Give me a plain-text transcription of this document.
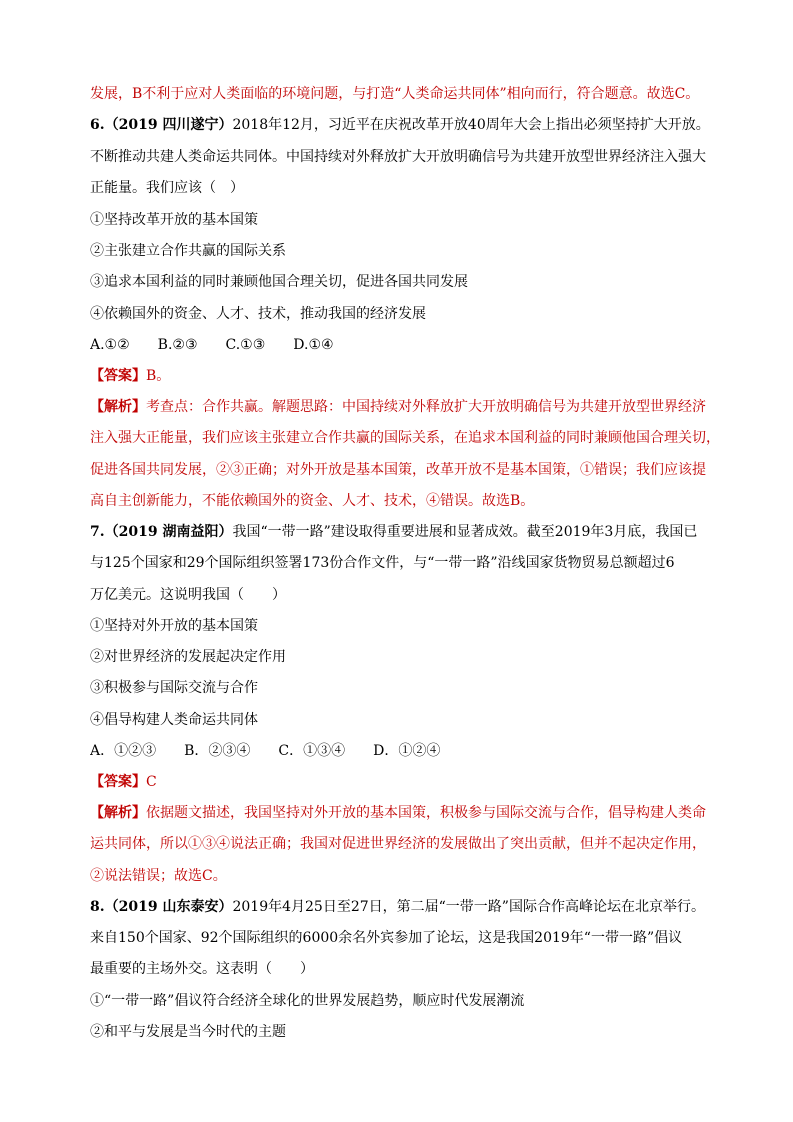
发展，B不利于应对人类面临的环境问题，与打造“人类命运共同体”相向而行，符合题意。故选C。
6.（2019 四川遂宁）2018年12月，习近平在庆祝改革开放40周年大会上指出必须坚持扩大开放。
不断推动共建人类命运共同体。中国持续对外释放扩大开放明确信号为共建开放型世界经济注入强大
正能量。我们应该（　）
①坚持改革开放的基本国策
②主张建立合作共赢的国际关系
③追求本国利益的同时兼顾他国合理关切，促进各国共同发展
④依赖国外的资金、人才、技术，推动我国的经济发展
A.①②　　B.②③　　C.①③　　D.①④
【答案】B。
【解析】考查点：合作共赢。解题思路：中国持续对外释放扩大开放明确信号为共建开放型世界经济
注入强大正能量，我们应该主张建立合作共赢的国际关系，在追求本国利益的同时兼顾他国合理关切，
促进各国共同发展，②③正确；对外开放是基本国策，改革开放不是基本国策，①错误；我们应该提
高自主创新能力，不能依赖国外的资金、人才、技术，④错误。故选B。
7.（2019 湖南益阳）我国“一带一路”建设取得重要进展和显著成效。截至2019年3月底，我国已
与125个国家和29个国际组织签署173份合作文件，与“一带一路”沿线国家货物贸易总额超过6
万亿美元。这说明我国（　　）
①坚持对外开放的基本国策
②对世界经济的发展起决定作用
③积极参与国际交流与合作
④倡导构建人类命运共同体
A．①②③　　B．②③④　　C．①③④　　D．①②④
【答案】C
【解析】依据题文描述，我国坚持对外开放的基本国策，积极参与国际交流与合作，倡导构建人类命
运共同体，所以①③④说法正确；我国对促进世界经济的发展做出了突出贡献，但并不起决定作用，
②说法错误；故选C。
8.（2019 山东泰安）2019年4月25日至27日，第二届“一带一路”国际合作高峰论坛在北京举行。
来自150个国家、92个国际组织的6000余名外宾参加了论坛，这是我国2019年“一带一路”倡议
最重要的主场外交。这表明（　　）
①“一带一路”倡议符合经济全球化的世界发展趋势，顺应时代发展潮流
②和平与发展是当今时代的主题
